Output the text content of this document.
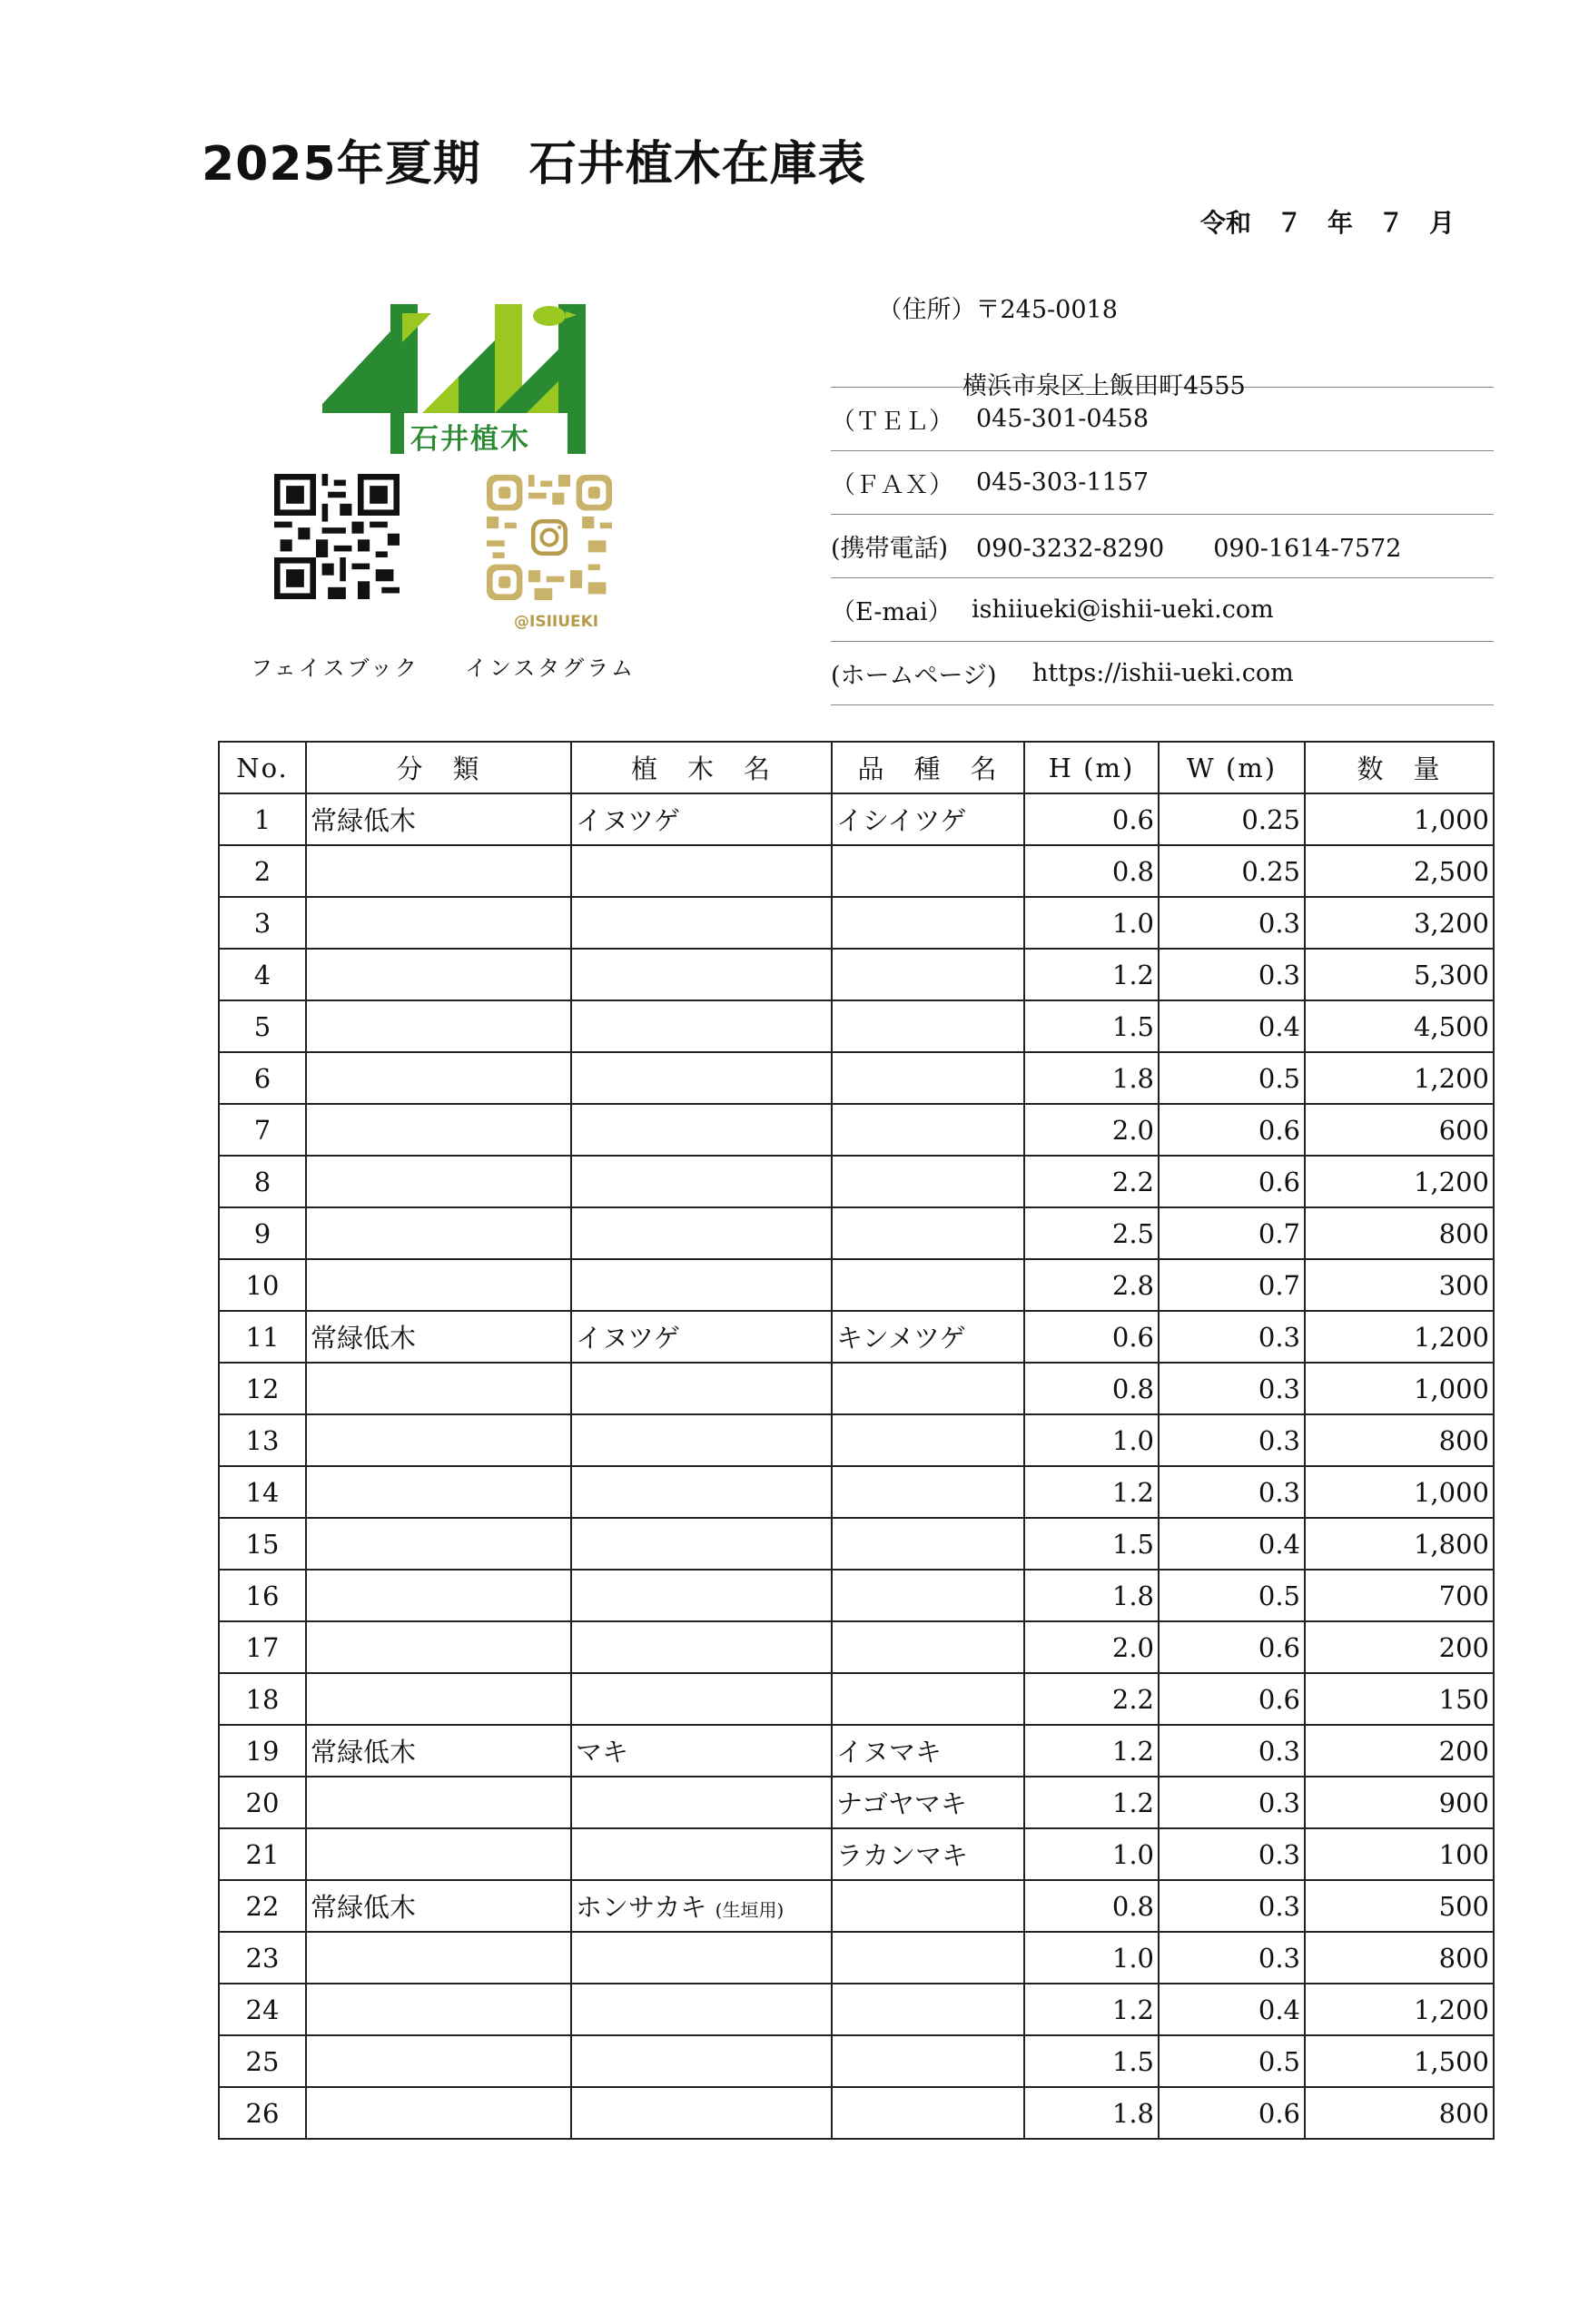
2025年夏期　石井植木在庫表
令和　７　年　７　月
石井植木
@ISIIUEKI
フェイスブック インスタグラム

（住所）〒245-0018

横浜市泉区上飯田町4555
（ＴＥＬ） 045-301-0458
（ＦＡＸ） 045-303-1157
(携帯電話)	090-3232-8290　　090-1614-7572
（E-mai） ishiiueki@ishii-ueki.com
(ホームページ)	https://ishii-ueki.com
No.	分　類	植　木　名	品　種　名	H (m)	W (m)	数　量
1	常緑低木	イヌツゲ	イシイツゲ	0.6	0.25	1,000
2				0.8	0.25	2,500
3				1.0	0.3	3,200
4				1.2	0.3	5,300
5				1.5	0.4	4,500
6				1.8	0.5	1,200
7				2.0	0.6	600
8				2.2	0.6	1,200
9				2.5	0.7	800
10				2.8	0.7	300
11	常緑低木	イヌツゲ	キンメツゲ	0.6	0.3	1,200
12				0.8	0.3	1,000
13				1.0	0.3	800
14				1.2	0.3	1,000
15				1.5	0.4	1,800
16				1.8	0.5	700
17				2.0	0.6	200
18				2.2	0.6	150
19	常緑低木	マキ	イヌマキ	1.2	0.3	200
20			ナゴヤマキ	1.2	0.3	900
21			ラカンマキ	1.0	0.3	100
22	常緑低木	ホンサカキ (生垣用)		0.8	0.3	500
23				1.0	0.3	800
24				1.2	0.4	1,200
25				1.5	0.5	1,500
26				1.8	0.6	800
